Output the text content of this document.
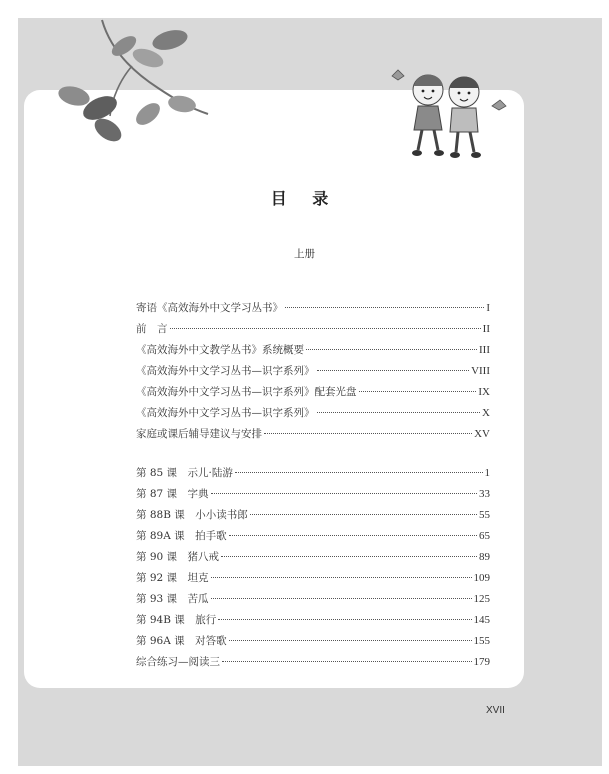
目 录
上册
寄语《高效海外中文学习丛书》	I
前　言	II
《高效海外中文教学丛书》系统概要	III
《高效海外中文学习丛书—识字系列》	VIII
《高效海外中文学习丛书—识字系列》配套光盘	IX
《高效海外中文学习丛书—识字系列》	X
家庭或课后辅导建议与安排	XV
第 85 课　示儿·陆游	1
第 87 课　字典	33
第 88B 课　小小读书郎	55
第 89A 课　拍手歌	65
第 90 课　猪八戒	89
第 92 课　坦克	109
第 93 课　苦瓜	125
第 94B 课　旅行	145
第 96A 课　对答歌	155
综合练习—阅读三	179
XVII
